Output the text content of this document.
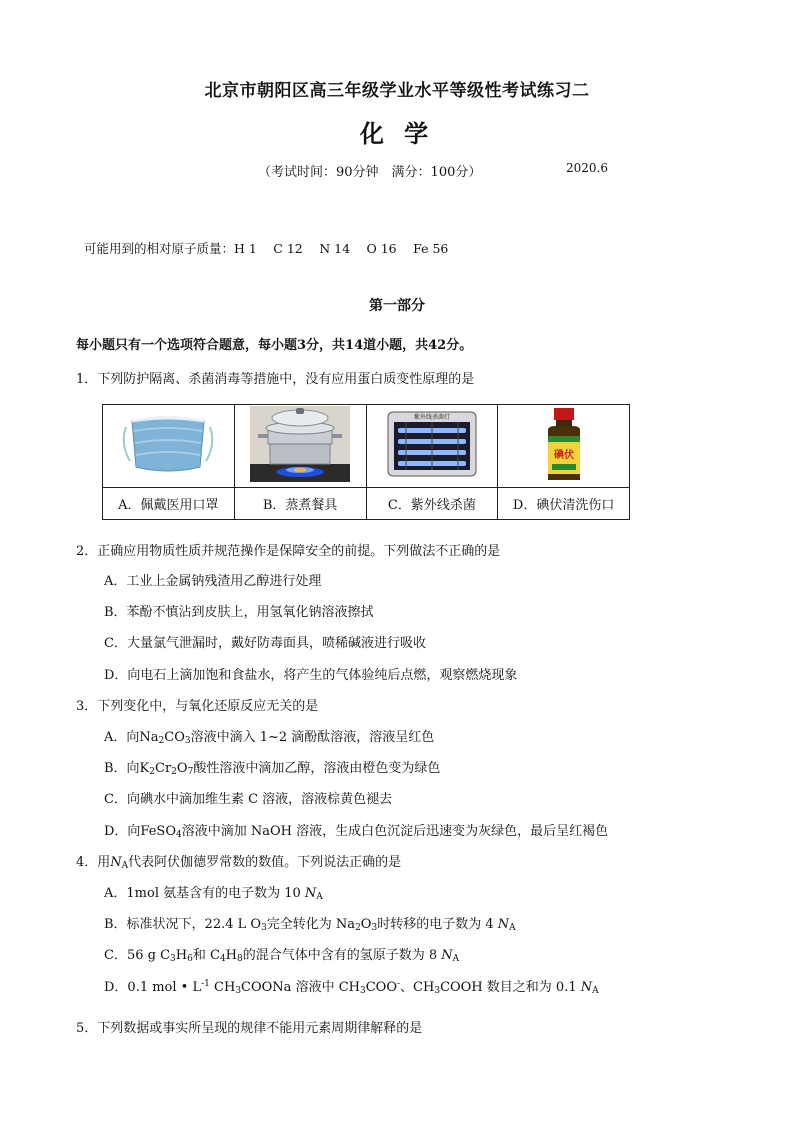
北京市朝阳区高三年级学业水平等级性考试练习二
化 学
（考试时间：90分钟　满分：100分）	2020.6
可能用到的相对原子质量：H 1　 C 12　 N 14　 O 16　 Fe 56
第一部分
每小题只有一个选项符合题意，每小题3分，共14道小题，共42分。
1．下列防护隔离、杀菌消毒等措施中，没有应用蛋白质变性原理的是

紫外线杀菌灯	碘伏

A．佩戴医用口罩	B．蒸煮餐具	C．紫外线杀菌	D．碘伏清洗伤口
2．正确应用物质性质并规范操作是保障安全的前提。下列做法不正确的是
A．工业上金属钠残渣用乙醇进行处理
B．苯酚不慎沾到皮肤上，用氢氧化钠溶液擦拭
C．大量氯气泄漏时，戴好防毒面具，喷稀碱液进行吸收
D．向电石上滴加饱和食盐水，将产生的气体验纯后点燃，观察燃烧现象
3．下列变化中，与氧化还原反应无关的是
A．向$Na_2CO_3$溶液中滴入 1~2 滴酚酞溶液，溶液呈红色
B．向$K_2Cr_2O_7$酸性溶液中滴加乙醇，溶液由橙色变为绿色
C．向碘水中滴加维生素 C 溶液，溶液棕黄色褪去
D．向FeSO$_4$溶液中滴加 NaOH 溶液，生成白色沉淀后迅速变为灰绿色，最后呈红褐色
4．用$N_A$代表阿伏伽德罗常数的数值。下列说法正确的是
A．1mol 氨基含有的电子数为 10 $N_A$
B．标准状况下，22.4 L $O_3$完全转化为 $Na_2O_3$时转移的电子数为 4 $N_A$
C．56 g $C_3H_6$和 $C_4H_8$的混合气体中含有的氢原子数为 8 $N_A$
D．0.1 mol • $L^{-1}$ $CH_3COONa$ 溶液中 $CH_3COO^-$、$CH_3COOH$ 数目之和为 0.1 $N_A$
5．下列数据或事实所呈现的规律不能用元素周期律解释的是
